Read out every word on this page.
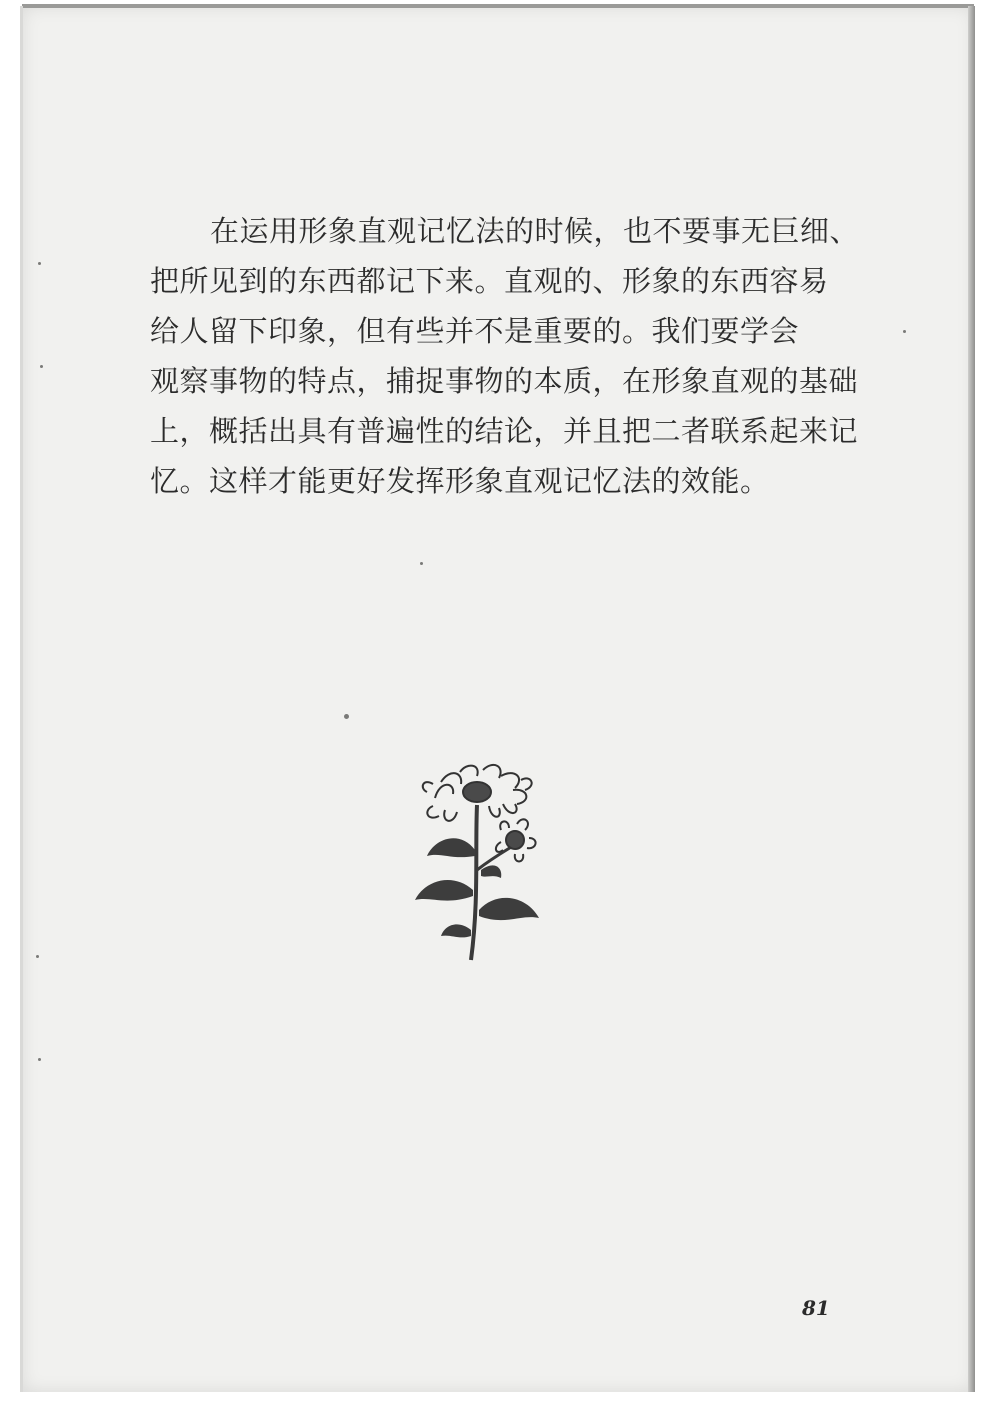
在运用形象直观记忆法的时候，也不要事无巨细、
把所见到的东西都记下来。直观的、形象的东西容易
给人留下印象，但有些并不是重要的。我们要学会
观察事物的特点，捕捉事物的本质，在形象直观的基础
上，概括出具有普遍性的结论，并且把二者联系起来记
忆。这样才能更好发挥形象直观记忆法的效能。
81
